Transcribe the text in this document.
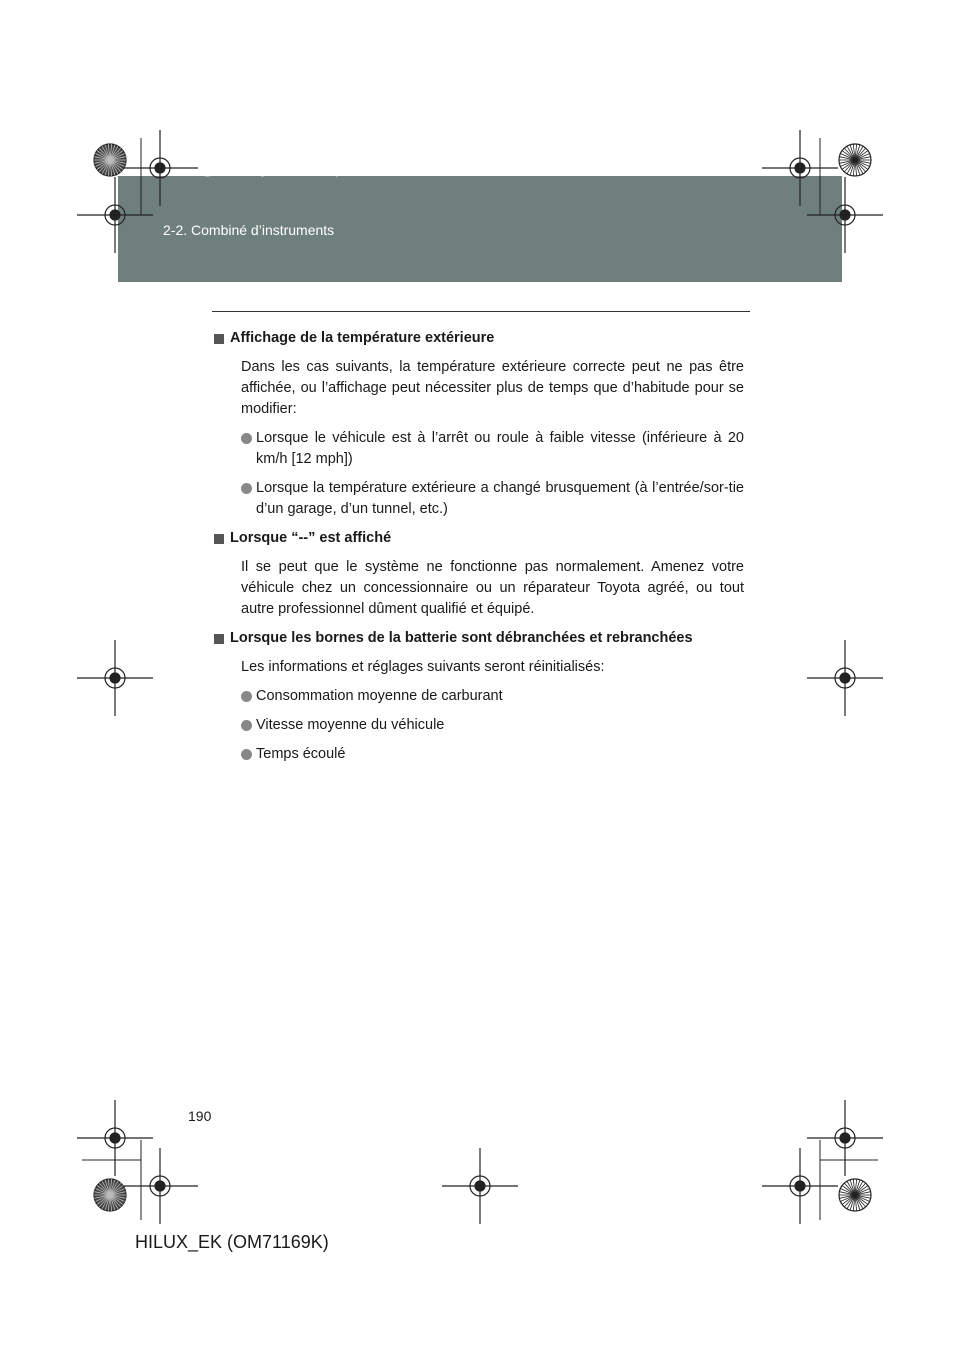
HILUX_EK.book Page 190 Wednesday, March 23, 2011 3:03 PM
2-2. Combiné d’instruments
Affichage de la température extérieure

Dans les cas suivants, la température extérieure correcte peut ne pas être affichée, ou l’affichage peut nécessiter plus de temps que d’habitude pour se modifier:

Lorsque le véhicule est à l’arrêt ou roule à faible vitesse (inférieure à 20 km/h [12 mph])
Lorsque la température extérieure a changé brusquement (à l’entrée/sor-tie d’un garage, d’un tunnel, etc.)
Lorsque “--” est affiché

Il se peut que le système ne fonctionne pas normalement. Amenez votre véhicule chez un concessionnaire ou un réparateur Toyota agréé, ou tout autre professionnel dûment qualifié et équipé.

Lorsque les bornes de la batterie sont débranchées et rebranchées

Les informations et réglages suivants seront réinitialisés:

Consommation moyenne de carburant
Vitesse moyenne du véhicule
Temps écoulé
190
HILUX_EK (OM71169K)
